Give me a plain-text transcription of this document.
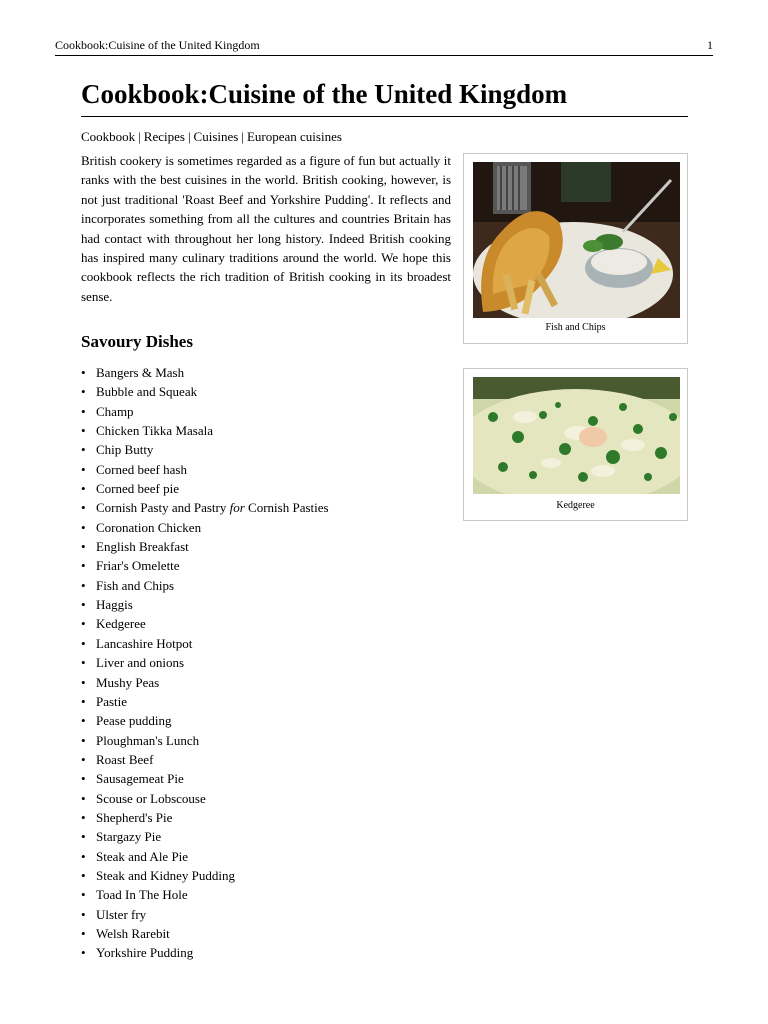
Cookbook:Cuisine of the United Kingdom	1
Cookbook:Cuisine of the United Kingdom
Cookbook | Recipes | Cuisines | European cuisines

British cookery is sometimes regarded as a figure of fun but actually it ranks with the best cuisines in the world. British cooking, however, is not just traditional 'Roast Beef and Yorkshire Pudding'. It reflects and incorporates something from all the cultures and countries Britain has had contact with throughout her long history. Indeed British cooking has inspired many culinary traditions around the world. We hope this cookbook reflects the rich tradition of British cooking in its broadest sense.

Fish and Chips
Kedgeree
Savoury Dishes
• Bangers & Mash
• Bubble and Squeak
• Champ
• Chicken Tikka Masala
• Chip Butty
• Corned beef hash
• Corned beef pie
• Cornish Pasty and Pastry for Cornish Pasties
• Coronation Chicken
• English Breakfast
• Friar's Omelette
• Fish and Chips
• Haggis
• Kedgeree
• Lancashire Hotpot
• Liver and onions
• Mushy Peas
• Pastie
• Pease pudding
• Ploughman's Lunch
• Roast Beef
• Sausagemeat Pie
• Scouse or Lobscouse
• Shepherd's Pie
• Stargazy Pie
• Steak and Ale Pie
• Steak and Kidney Pudding
• Toad In The Hole
• Ulster fry
• Welsh Rarebit
• Yorkshire Pudding
